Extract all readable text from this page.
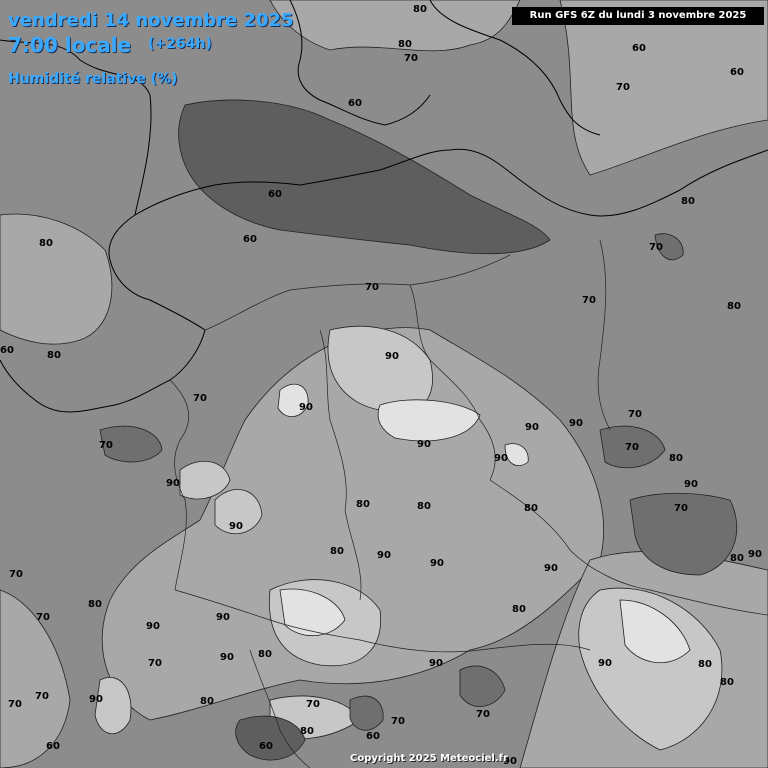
80
80
70
60
60
70
60
60
60
80
80
70
70
80
70
80	90
90
70
70	90
90	90
90
70
70
80
90
90
80	80	80	70
90
90
90
80
90
80 90
70
80
90
90
70
90 80
80
70
70
90	90	80
80
80
70	70
60	60
70
80	60
70
90
60
90
vendredi 14 novembre 2025
7:00 locale (+264h)
Humidité relative (%)
Run GFS 6Z du lundi 3 novembre 2025
Copyright 2025 Meteociel.fr
